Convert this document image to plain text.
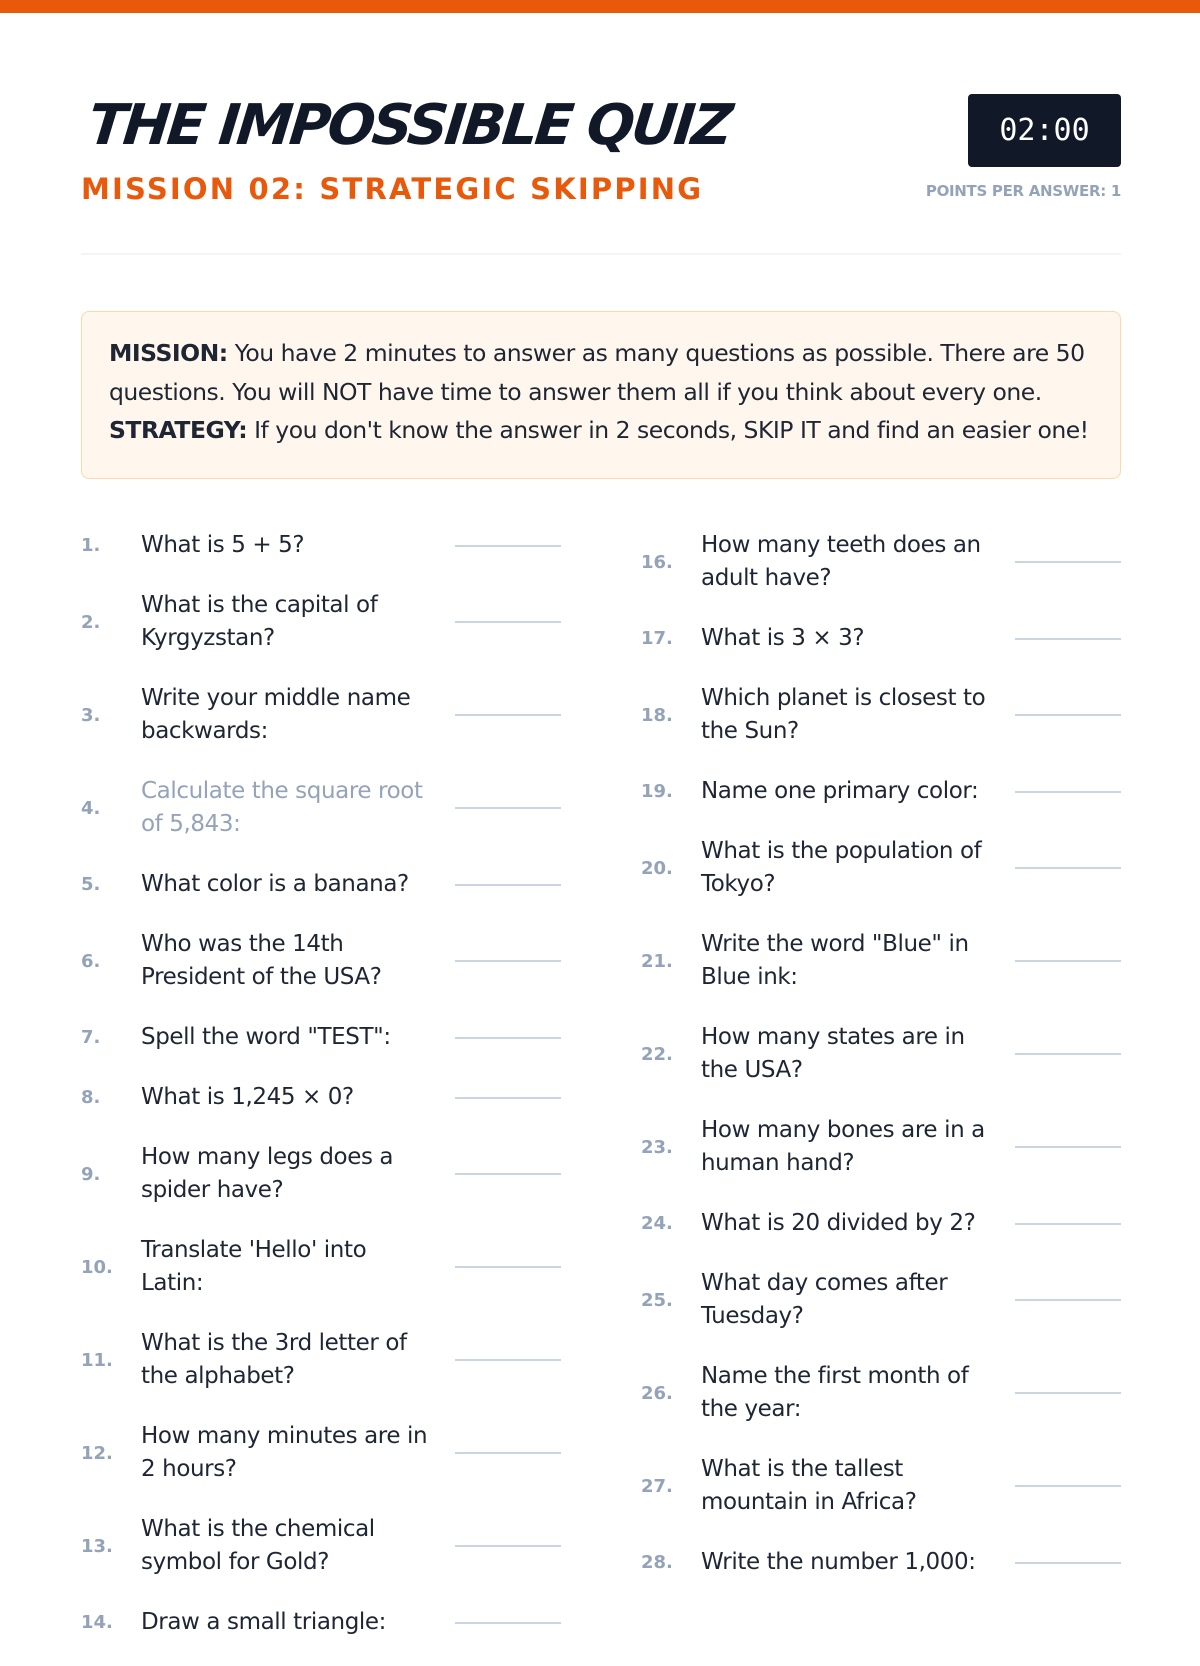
THE IMPOSSIBLE QUIZ
MISSION 02: STRATEGIC SKIPPING
02:00
POINTS PER ANSWER: 1

MISSION: You have 2 minutes to answer as many questions as possible. There are 50 questions. You will NOT have time to answer them all if you think about every one.

STRATEGY: If you don't know the answer in 2 seconds, SKIP IT and find an easier one!

1.	What is 5 + 5?
2.
What is the capital of Kyrgyzstan?
3.
Write your middle name backwards:
4.
Calculate the square root of 5,843:
5.	What color is a banana?
6.
Who was the 14th President of the USA?
7.	Spell the word "TEST":
8.	What is 1,245 × 0?
9.
How many legs does a spider have?
10.
Translate 'Hello' into Latin:
11.
What is the 3rd letter of the alphabet?
12.
How many minutes are in 2 hours?
13.
What is the chemical symbol for Gold?
14.	Draw a small triangle:
16.
How many teeth does an adult have?
17.	What is 3 × 3?
18.
Which planet is closest to the Sun?
19.	Name one primary color:
20.
What is the population of Tokyo?
21.
Write the word "Blue" in Blue ink:
22.
How many states are in the USA?
23.
How many bones are in a human hand?
24.	What is 20 divided by 2?
25.
What day comes after Tuesday?
26.
Name the first month of the year:
27.
What is the tallest mountain in Africa?
28.	Write the number 1,000:
